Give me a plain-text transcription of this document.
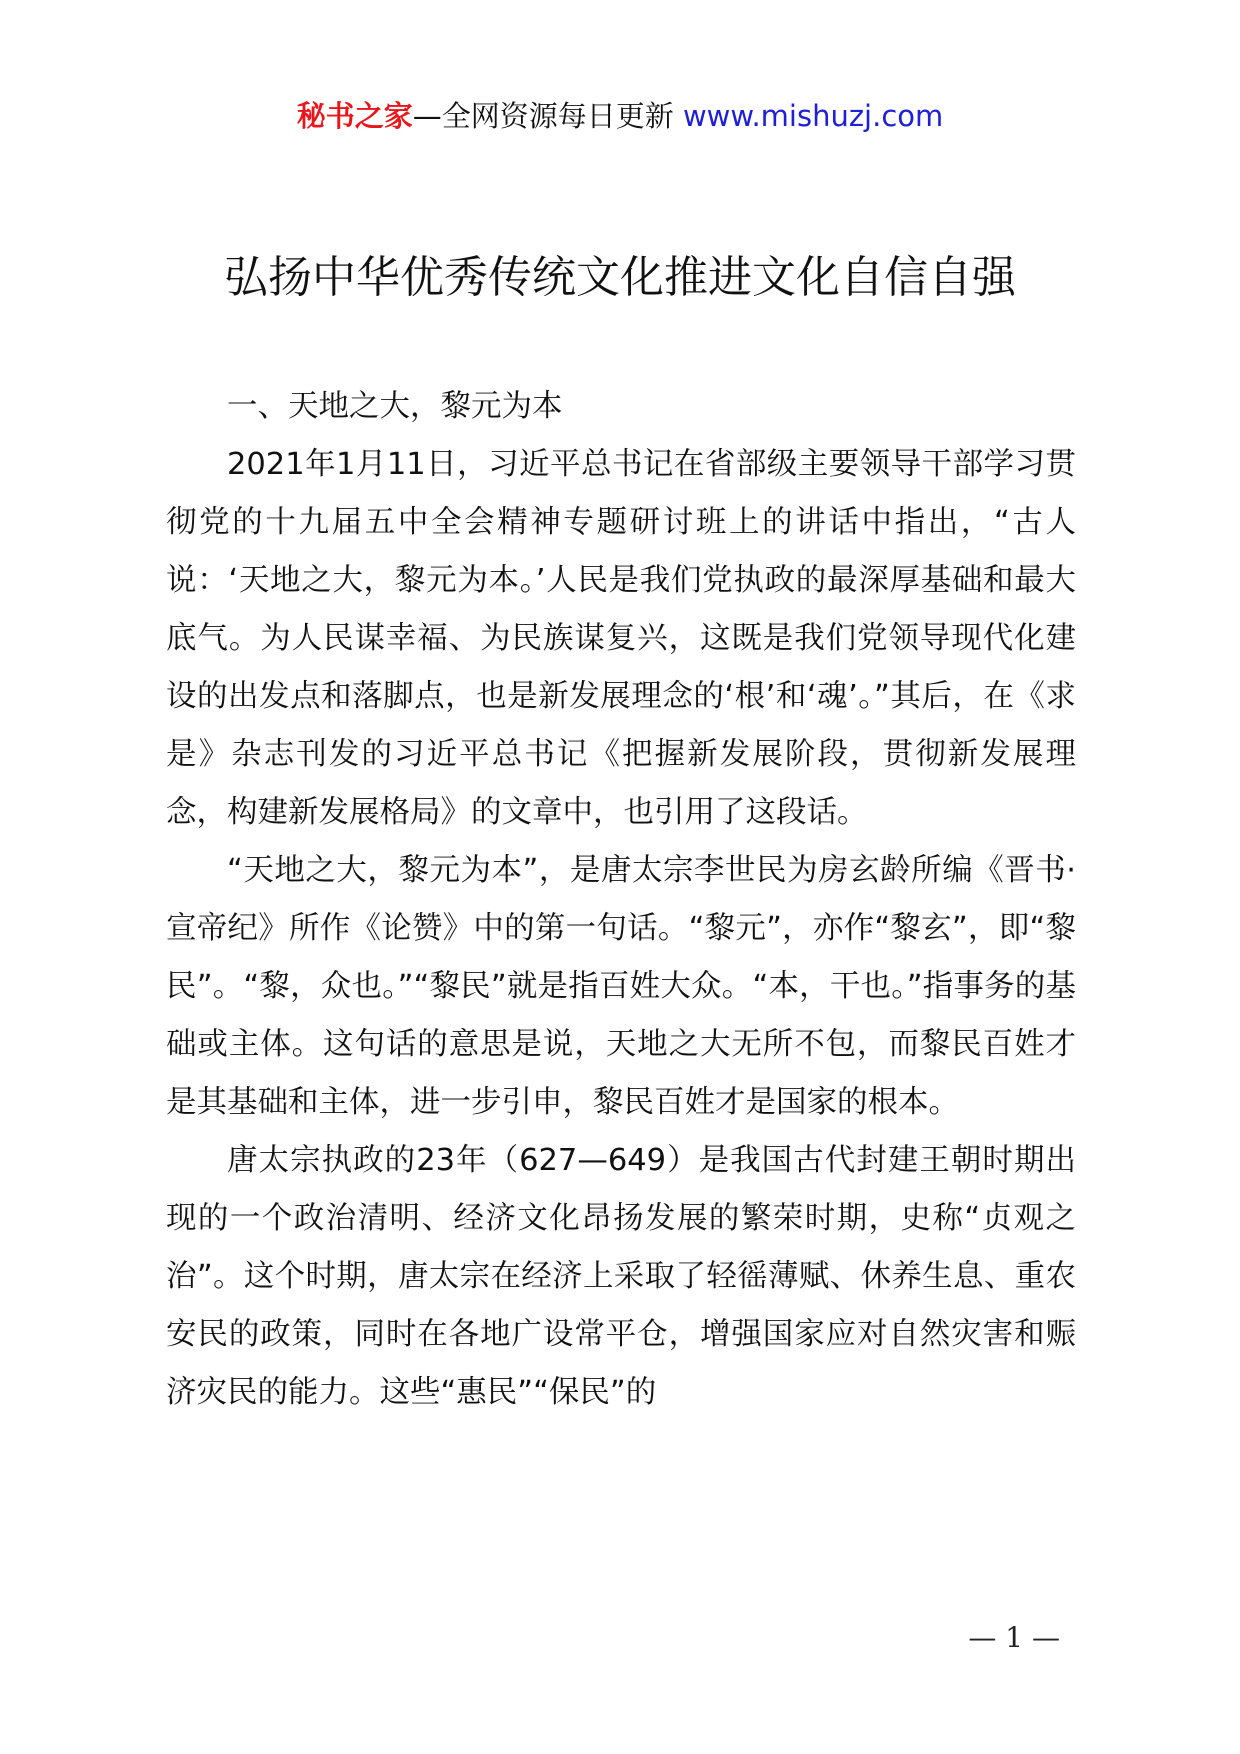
秘书之家—全网资源每日更新 www.mishuzj.com
弘扬中华优秀传统文化推进文化自信自强

一、天地之大，黎元为本

2021年1月11日，习近平总书记在省部级主要领导干部学习贯彻党的十九届五中全会精神专题研讨班上的讲话中指出，“古人说：‘天地之大，黎元为本。’人民是我们党执政的最深厚基础和最大底气。为人民谋幸福、为民族谋复兴，这既是我们党领导现代化建设的出发点和落脚点，也是新发展理念的‘根’和‘魂’。”其后，在《求是》杂志刊发的习近平总书记《把握新发展阶段，贯彻新发展理念，构建新发展格局》的文章中，也引用了这段话。

“天地之大，黎元为本”，是唐太宗李世民为房玄龄所编《晋书·宣帝纪》所作《论赞》中的第一句话。“黎元”，亦作“黎玄”，即“黎民”。“黎，众也。”“黎民”就是指百姓大众。“本，干也。”指事务的基础或主体。这句话的意思是说，天地之大无所不包，而黎民百姓才是其基础和主体，进一步引申，黎民百姓才是国家的根本。

唐太宗执政的23年（627—649）是我国古代封建王朝时期出现的一个政治清明、经济文化昂扬发展的繁荣时期，史称“贞观之治”。这个时期，唐太宗在经济上采取了轻徭薄赋、休养生息、重农安民的政策，同时在各地广设常平仓，增强国家应对自然灾害和赈济灾民的能力。这些“惠民”“保民”的

— 1 —
